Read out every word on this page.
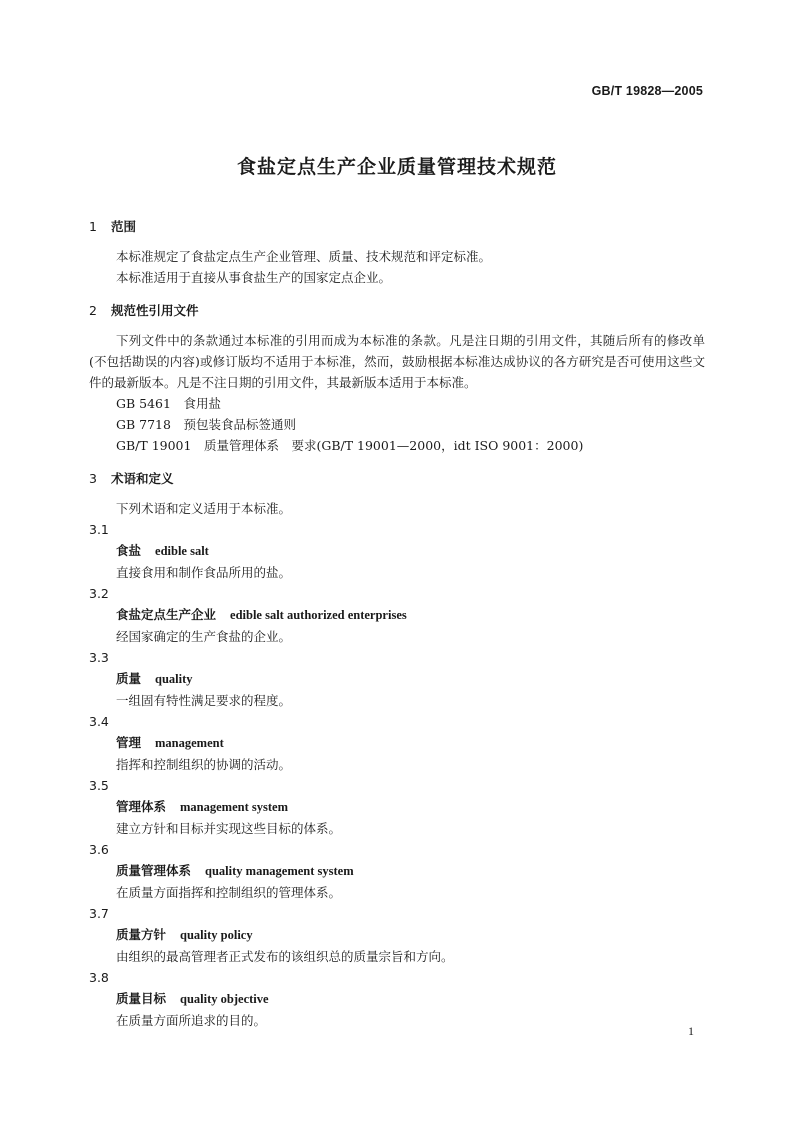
GB/T 19828—2005
食盐定点生产企业质量管理技术规范
1 范围
本标准规定了食盐定点生产企业管理、质量、技术规范和评定标准。
本标准适用于直接从事食盐生产的国家定点企业。
2 规范性引用文件
下列文件中的条款通过本标准的引用而成为本标准的条款。凡是注日期的引用文件，其随后所有的修改单(不包括勘误的内容)或修订版均不适用于本标准，然而，鼓励根据本标准达成协议的各方研究是否可使用这些文件的最新版本。凡是不注日期的引用文件，其最新版本适用于本标准。
GB 5461　食用盐
GB 7718　预包装食品标签通则
GB/T 19001　质量管理体系　要求(GB/T 19001—2000，idt ISO 9001：2000)
3 术语和定义
下列术语和定义适用于本标准。
3.1
食盐 edible salt
直接食用和制作食品所用的盐。
3.2
食盐定点生产企业 edible salt authorized enterprises
经国家确定的生产食盐的企业。
3.3
质量 quality
一组固有特性满足要求的程度。
3.4
管理 management
指挥和控制组织的协调的活动。
3.5
管理体系 management system
建立方针和目标并实现这些目标的体系。
3.6
质量管理体系 quality management system
在质量方面指挥和控制组织的管理体系。
3.7
质量方针 quality policy
由组织的最高管理者正式发布的该组织总的质量宗旨和方向。
3.8
质量目标 quality objective
在质量方面所追求的目的。
1
